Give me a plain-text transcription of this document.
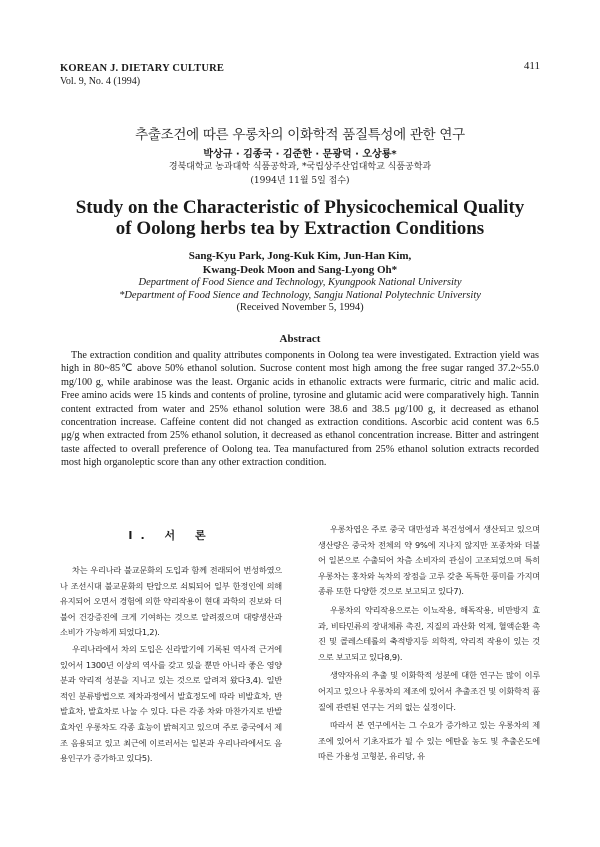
KOREAN J. DIETARY CULTURE
Vol. 9, No. 4 (1994)
411
추출조건에 따른 우롱차의 이화학적 품질특성에 관한 연구
박상규 · 김종국 · 김준한 · 문광덕 · 오상룡*
경북대학교 농과대학 식품공학과, *국립상주산업대학교 식품공학과
(1994년 11월 5일 접수)
Study on the Characteristic of Physicochemical Quality
of Oolong herbs tea by Extraction Conditions
Sang-Kyu Park, Jong-Kuk Kim, Jun-Han Kim,
Kwang-Deok Moon and Sang-Lyong Oh*
Department of Food Sience and Technology, Kyungpook National University
*Department of Food Sience and Technology, Sangju National Polytechnic University
(Received November 5, 1994)
Abstract
The extraction condition and quality attributes components in Oolong tea were investigated. Extraction yield was high in 80~85℃ above 50% ethanol solution. Sucrose content most high among the free sugar ranged 37.2~55.0 mg/100 g, while arabinose was the least. Organic acids in ethanolic extracts were furmaric, citric and malic acid. Free amino acids were 15 kinds and contents of proline, tyrosine and glutamic acid were comparatively high. Tannin content extracted from water and 25% ethanol solution were 38.6 and 38.5 μg/100 g, it decreased as ethanol concentration increase. Caffeine content did not changed as extraction conditions. Ascorbic acid content was 6.5 μg/g when extracted from 25% ethanol solution, it decreased as ethanol concentration increase. Bitter and astringent taste affected to overall preference of Oolong tea. Tea manufactured from 25% ethanol solution extracts recorded most high organoleptic score than any other extraction condition.
I. 서 론

차는 우리나라 불교문화의 도입과 함께 전래되어 번성하였으나 조선시대 불교문화의 탄압으로 쇠퇴되어 일부 한정인에 의해 유지되어 오면서 경험에 의한 약리작용이 현대 과학의 진보와 더불어 건강증진에 크게 기여하는 것으로 알려졌으며 대량생산과 소비가 가능하게 되었다1,2).

우리나라에서 차의 도입은 신라말기에 기록된 역사적 근거에 있어서 1300년 이상의 역사를 갖고 있을 뿐만 아니라 좋은 영양분과 약리적 성분을 지니고 있는 것으로 알려져 왔다3,4). 일반적인 분류방법으로 제차과정에서 발효정도에 따라 비발효차, 반발효차, 발효차로 나눌 수 있다. 다른 각종 차와 마찬가지로 반발효차인 우롱차도 각종 효능이 밝혀지고 있으며 주로 중국에서 제조 음용되고 있고 최근에 이르러서는 일본과 우리나라에서도 음용인구가 증가하고 있다5).

우롱차엽은 주로 중국 대만성과 복건성에서 생산되고 있으며 생산량은 중국차 전체의 약 9%에 지나지 않지만 포종차와 더불어 일본으로 수출되어 차츰 소비자의 관심이 고조되었으며 특히 우롱차는 홍차와 녹차의 장점을 고루 갖춘 독특한 풍미를 가지며 종류 또한 다양한 것으로 보고되고 있다7).

우롱차의 약리작용으로는 이뇨작용, 해독작용, 비만방지 효과, 비타민류의 장내체류 촉진, 지질의 과산화 억제, 혈액순환 촉진 및 콜레스테롤의 축적방지등 의학적, 약리적 작용이 있는 것으로 보고되고 있다8,9).

생약자유의 추출 및 이화학적 성분에 대한 연구는 많이 이루어지고 있으나 우롱차의 제조에 있어서 추출조건 및 이화학적 품질에 관련된 연구는 거의 없는 실정이다.

따라서 본 연구에서는 그 수요가 증가하고 있는 우롱차의 제조에 있어서 기초자료가 될 수 있는 에탄올 농도 및 추출온도에 따른 가용성 고형분, 유리당, 유
